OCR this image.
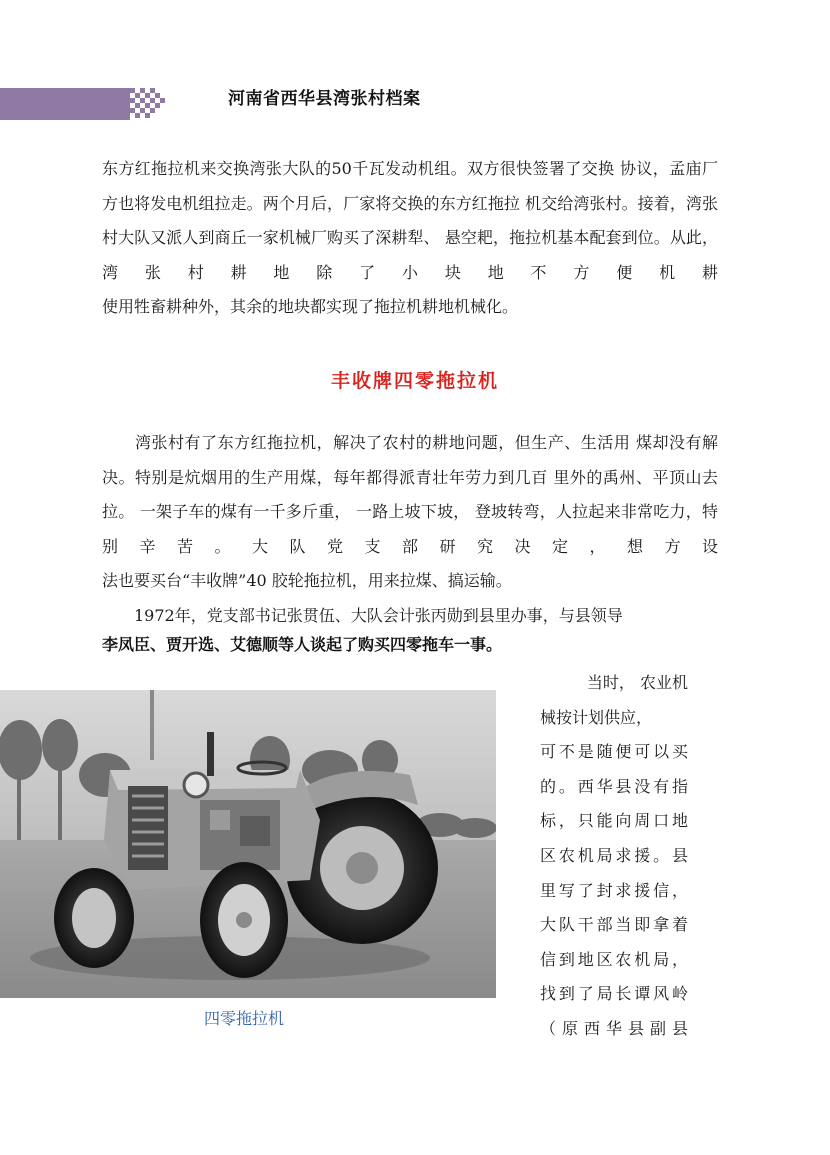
河南省西华县湾张村档案

东方红拖拉机来交换湾张大队的50千瓦发动机组。双方很快签署了交换 协议，孟庙厂方也将发电机组拉走。两个月后，厂家将交换的东方红拖拉 机交给湾张村。接着，湾张村大队又派人到商丘一家机械厂购买了深耕犁、 悬空耙，拖拉机基本配套到位。从此，湾张村耕地除了小块地不方便机耕
使用牲畜耕种外，其余的地块都实现了拖拉机耕地机械化。

丰收牌四零拖拉机

　　湾张村有了东方红拖拉机，解决了农村的耕地问题，但生产、生活用 煤却没有解决。特别是炕烟用的生产用煤，每年都得派青壮年劳力到几百 里外的禹州、平顶山去拉。 一架子车的煤有一千多斤重， 一路上坡下坡， 登坡转弯，人拉起来非常吃力，特别辛苦。大队党支部研究决定，想方设
法也要买台“丰收牌”40 胶轮拖拉机，用来拉煤、搞运输。
　　1972年，党支部书记张贯伍、大队会计张丙勋到县里办事，与县领导

李凤臣、贾开选、艾德顺等人谈起了购买四零拖车一事。
四零拖拉机
当时， 农业机
械按计划供应，
可不是随便可以买
的。西华县没有指
标，只能向周口地
区农机局求援。县
里写了封求援信，
大队干部当即拿着
信到地区农机局，
找到了局长谭风岭
（原西华县副县
